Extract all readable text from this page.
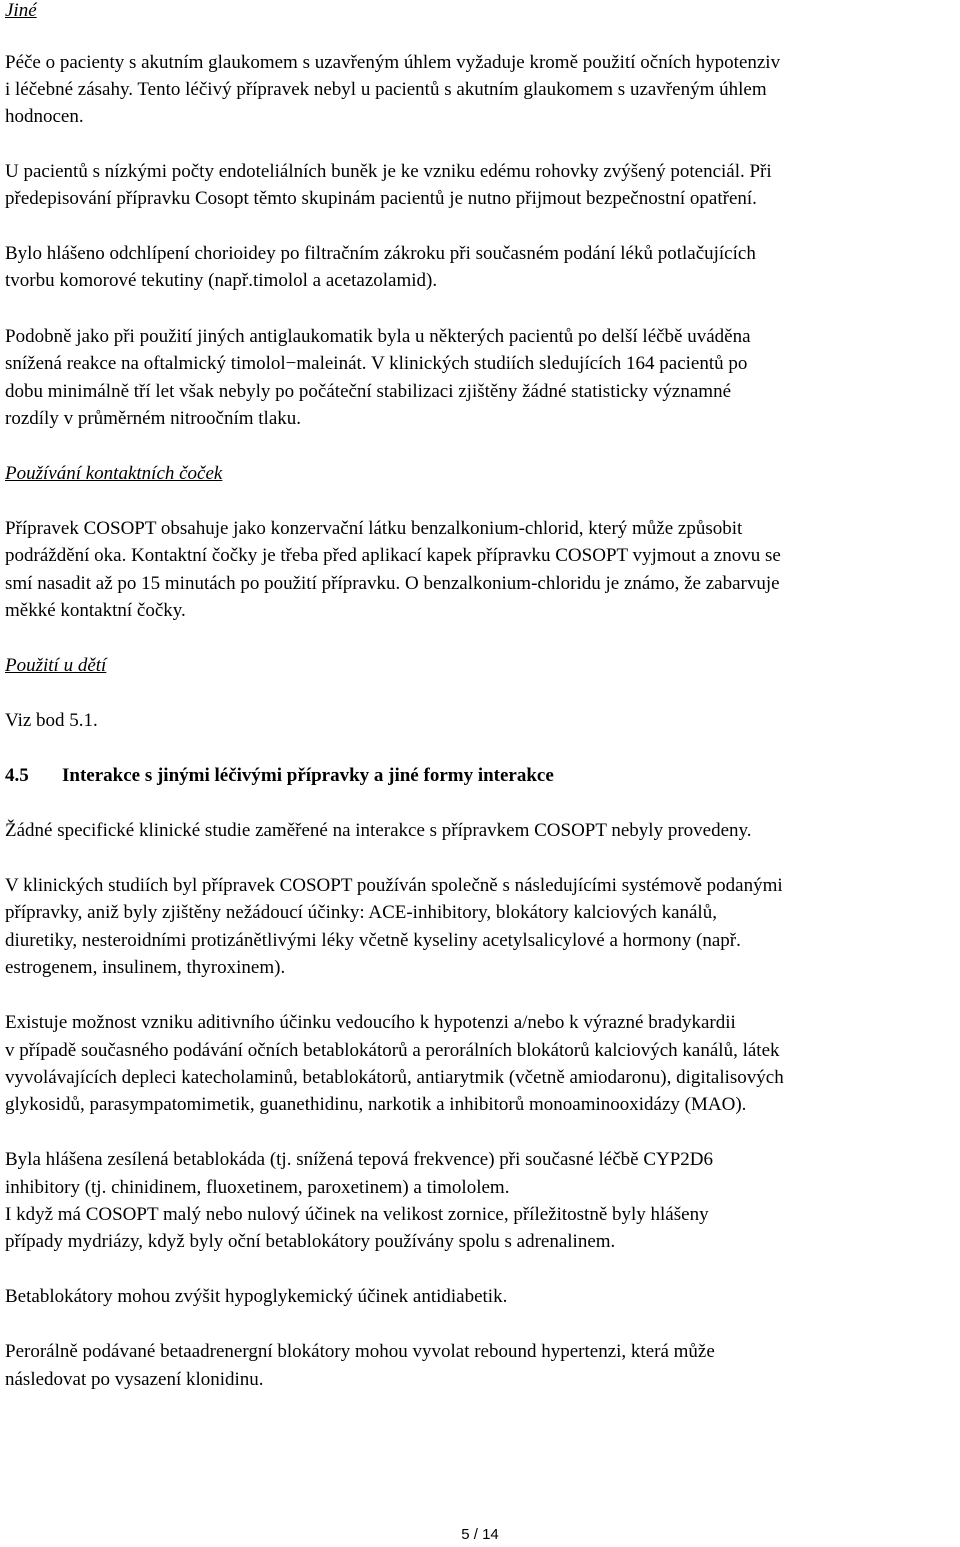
Jiné
Péče o pacienty s akutním glaukomem s uzavřeným úhlem vyžaduje kromě použití očních hypotenziv
i léčebné zásahy. Tento léčivý přípravek nebyl u pacientů s akutním glaukomem s uzavřeným úhlem
hodnocen.
U pacientů s nízkými počty endoteliálních buněk je ke vzniku edému rohovky zvýšený potenciál. Při
předepisování přípravku Cosopt těmto skupinám pacientů je nutno přijmout bezpečnostní opatření.
Bylo hlášeno odchlípení chorioidey po filtračním zákroku při současném podání léků potlačujících
tvorbu komorové tekutiny (např.timolol a acetazolamid).
Podobně jako při použití jiných antiglaukomatik byla u některých pacientů po delší léčbě uváděna
snížená reakce na oftalmický timolol−maleinát. V klinických studiích sledujících 164 pacientů po
dobu minimálně tří let však nebyly po počáteční stabilizaci zjištěny žádné statisticky významné
rozdíly v průměrném nitroočním tlaku.
Používání kontaktních čoček
Přípravek COSOPT obsahuje jako konzervační látku benzalkonium-chlorid, který může způsobit
podráždění oka. Kontaktní čočky je třeba před aplikací kapek přípravku COSOPT vyjmout a znovu se
smí nasadit až po 15 minutách po použití přípravku. O benzalkonium-chloridu je známo, že zabarvuje
měkké kontaktní čočky.
Použití u dětí
Viz bod 5.1.
4.5 Interakce s jinými léčivými přípravky a jiné formy interakce
Žádné specifické klinické studie zaměřené na interakce s přípravkem COSOPT nebyly provedeny.
V klinických studiích byl přípravek COSOPT používán společně s následujícími systémově podanými
přípravky, aniž byly zjištěny nežádoucí účinky: ACE-inhibitory, blokátory kalciových kanálů,
diuretiky, nesteroidními protizánětlivými léky včetně kyseliny acetylsalicylové a hormony (např.
estrogenem, insulinem, thyroxinem).
Existuje možnost vzniku aditivního účinku vedoucího k hypotenzi a/nebo k výrazné bradykardii
v případě současného podávání očních betablokátorů a perorálních blokátorů kalciových kanálů, látek
vyvolávajících depleci katecholaminů, betablokátorů, antiarytmik (včetně amiodaronu), digitalisových
glykosidů, parasympatomimetik, guanethidinu, narkotik a inhibitorů monoaminooxidázy (MAO).
Byla hlášena zesílená betablokáda (tj. snížená tepová frekvence) při současné léčbě CYP2D6
inhibitory (tj. chinidinem, fluoxetinem, paroxetinem) a timololem.
I když má COSOPT malý nebo nulový účinek na velikost zornice, příležitostně byly hlášeny
případy mydriázy, když byly oční betablokátory používány spolu s adrenalinem.
Betablokátory mohou zvýšit hypoglykemický účinek antidiabetik.
Perorálně podávané betaadrenergní blokátory mohou vyvolat rebound hypertenzi, která může
následovat po vysazení klonidinu.
5 / 14
